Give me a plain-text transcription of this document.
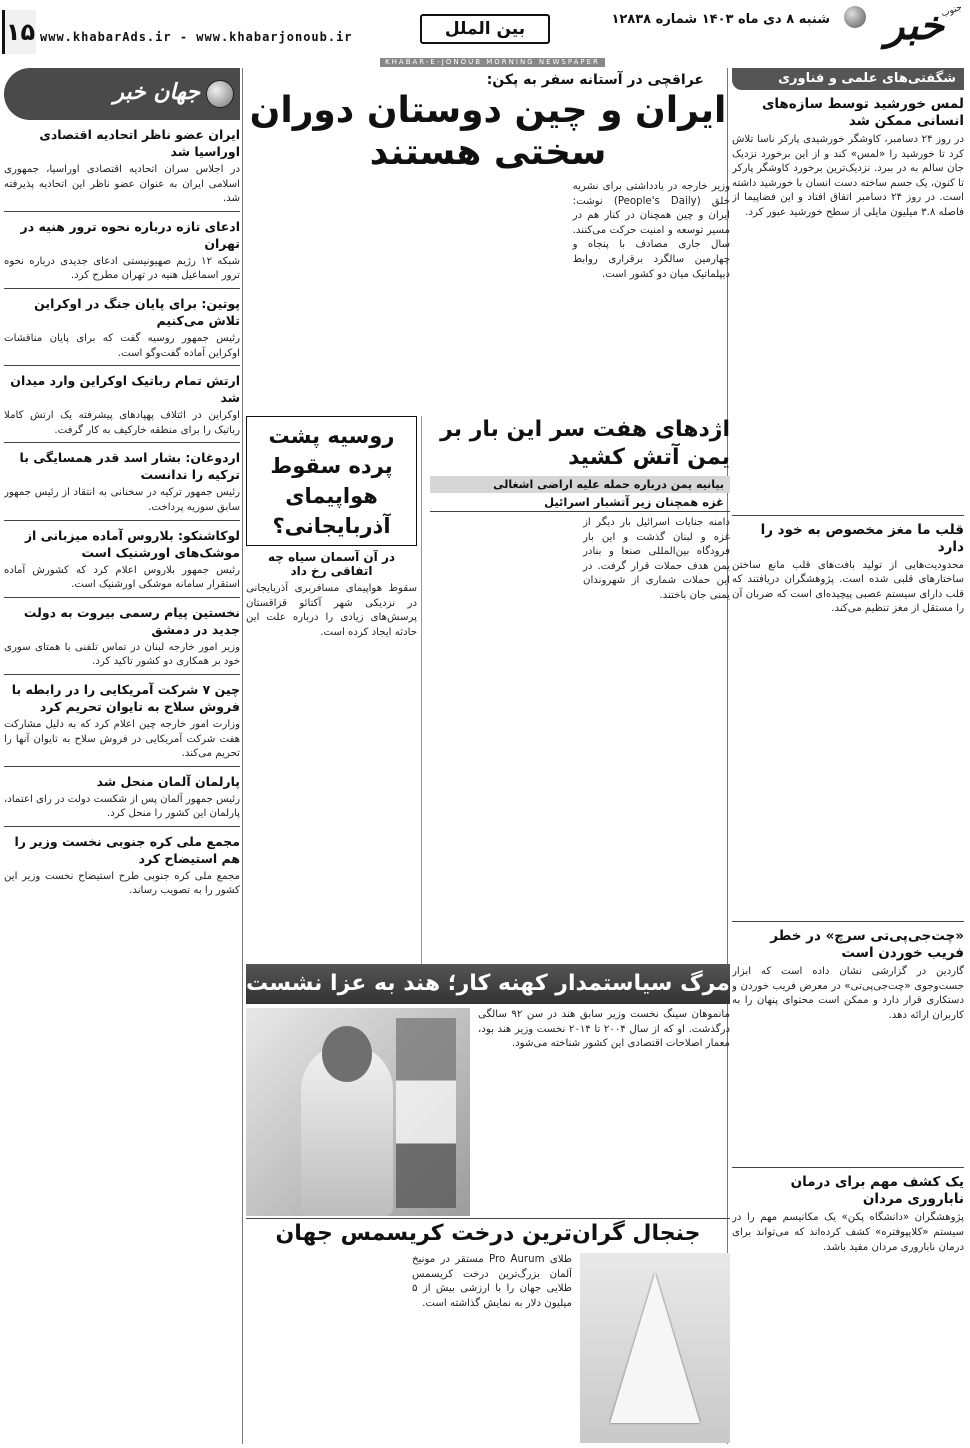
خبر
جنوب
شنبه ۸ دی ماه ۱۴۰۳ شماره ۱۲۸۳۸
بین الملل
www.khabarAds.ir - www.khabarjonoub.ir
۱۵
KHABAR-E-JONOUB MORNING NEWSPAPER
شگفتی‌های علمی و فناوری
لمس خورشید توسط سازه‌های انسانی ممکن شد

در روز ۲۴ دسامبر، کاوشگر خورشیدی پارکر ناسا تلاش کرد تا خورشید را «لمس» کند و از این برخورد نزدیک جان سالم به در ببرد. نزدیک‌ترین برخورد کاوشگر پارکر تا کنون، یک جسم ساخته دست انسان با خورشید داشته است. در روز ۲۴ دسامبر اتفاق افتاد و این فضاپیما از فاصله ۳.۸ میلیون مایلی از سطح خورشید عبور کرد.

قلب ما مغز مخصوص به خود را دارد

محدودیت‌هایی از تولید بافت‌های قلب مانع ساختن ساختارهای قلبی شده است. پژوهشگران دریافتند که قلب دارای سیستم عصبی پیچیده‌ای است که ضربان آن را مستقل از مغز تنظیم می‌کند.

«چت‌جی‌پی‌تی سرچ» در خطر فریب خوردن است

گاردین در گزارشی نشان داده است که ابزار جست‌وجوی «چت‌جی‌پی‌تی» در معرض فریب خوردن و دستکاری قرار دارد و ممکن است محتوای پنهان را به کاربران ارائه دهد.

یک کشف مهم برای درمان ناباروری مردان

پژوهشگران «دانشگاه پکن» یک مکانیسم مهم را در سیستم «کلایپوفتره» کشف کرده‌اند که می‌تواند برای درمان ناباروری مردان مفید باشد.

جهان خبر
ایران عضو ناظر اتحادیه اقتصادی اوراسیا شد

در اجلاس سران اتحادیه اقتصادی اوراسیا، جمهوری اسلامی ایران به عنوان عضو ناظر این اتحادیه پذیرفته شد.

ادعای تازه درباره نحوه ترور هنیه در تهران

شبکه ۱۲ رژیم صهیونیستی ادعای جدیدی درباره نحوه ترور اسماعیل هنیه در تهران مطرح کرد.

پوتین: برای پایان جنگ در اوکراین تلاش می‌کنیم

رئیس جمهور روسیه گفت که برای پایان مناقشات اوکراین آماده گفت‌وگو است.

ارتش تمام رباتیک اوکراین وارد میدان شد

اوکراین در ائتلاف پهپادهای پیشرفته یک ارتش کاملا رباتیک را برای منطقه خارکیف به کار گرفت.

اردوغان: بشار اسد قدر همسایگی با ترکیه را ندانست

رئیس جمهور ترکیه در سخنانی به انتقاد از رئیس جمهور سابق سوریه پرداخت.

لوکاشنکو: بلاروس آماده میزبانی از موشک‌های اورشنیک است

رئیس جمهور بلاروس اعلام کرد که کشورش آماده استقرار سامانه موشکی اورشنیک است.

نخستین پیام رسمی بیروت به دولت جدید در دمشق

وزیر امور خارجه لبنان در تماس تلفنی با همتای سوری خود بر همکاری دو کشور تاکید کرد.

چین ۷ شرکت آمریکایی را در رابطه با فروش سلاح به تایوان تحریم کرد

وزارت امور خارجه چین اعلام کرد که به دلیل مشارکت هفت شرکت آمریکایی در فروش سلاح به تایوان آنها را تحریم می‌کند.

پارلمان آلمان منحل شد

رئیس جمهور آلمان پس از شکست دولت در رای اعتماد، پارلمان این کشور را منحل کرد.

مجمع ملی کره جنوبی نخست وزیر را هم استیضاح کرد

مجمع ملی کره جنوبی طرح استیضاح نخست وزیر این کشور را به تصویب رساند.

عراقچی در آستانه سفر به پکن:
ایران و چین دوستان دوران سختی هستند

وزیر خارجه در یادداشتی برای نشریه خلق (People's Daily) نوشت: ایران و چین همچنان در کنار هم در مسیر توسعه و امنیت حرکت می‌کنند. سال جاری مصادف با پنجاه و چهارمین سالگرد برقراری روابط دیپلماتیک میان دو کشور است.

اژدهای هفت سر این بار بر یمن آتش کشید
بیانیه یمن درباره حمله علیه اراضی اشغالی
غزه همچنان زیر آتشبار اسرائیل

دامنه جنایات اسرائیل بار دیگر از غزه و لبنان گذشت و این بار فرودگاه بین‌المللی صنعا و بنادر یمن هدف حملات قرار گرفت. در این حملات شماری از شهروندان یمنی جان باختند.

روسیه پشت پرده سقوط هواپیمای آذربایجانی؟
در آن آسمان سیاه چه اتفاقی رخ داد

سقوط هواپیمای مسافربری آذربایجانی در نزدیکی شهر آکتائو قزاقستان پرسش‌های زیادی را درباره علت این حادثه ایجاد کرده است.

مرگ سیاستمدار کهنه کار؛ هند به عزا نشست

مانموهان سینگ نخست وزیر سابق هند در سن ۹۲ سالگی درگذشت. او که از سال ۲۰۰۴ تا ۲۰۱۴ نخست وزیر هند بود، معمار اصلاحات اقتصادی این کشور شناخته می‌شود.

جنجال گران‌ترین درخت کریسمس جهان

طلای Pro Aurum مستقر در مونیخ آلمان بزرگ‌ترین درخت کریسمس طلایی جهان را با ارزشی بیش از ۵ میلیون دلار به نمایش گذاشته است.
